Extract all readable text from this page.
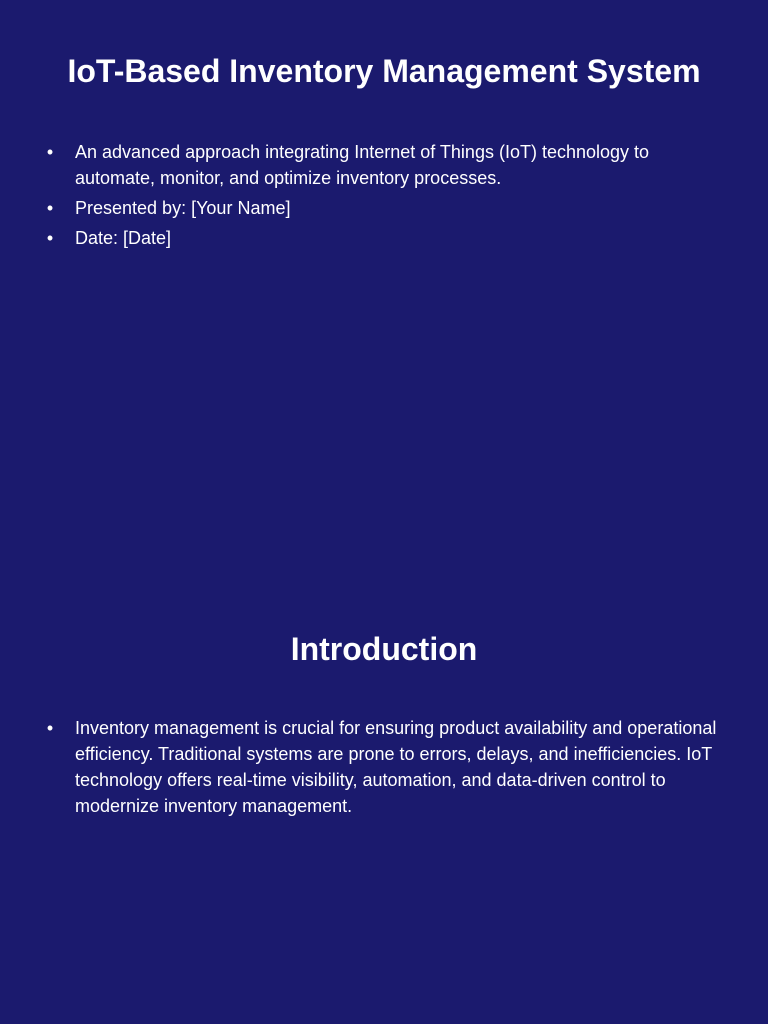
IoT-Based Inventory Management System
• An advanced approach integrating Internet of Things (IoT) technology to automate, monitor, and optimize inventory processes.
• Presented by: [Your Name]
• Date: [Date]
Introduction
• Inventory management is crucial for ensuring product availability and operational efficiency. Traditional systems are prone to errors, delays, and inefficiencies. IoT technology offers real-time visibility, automation, and data-driven control to modernize inventory management.
